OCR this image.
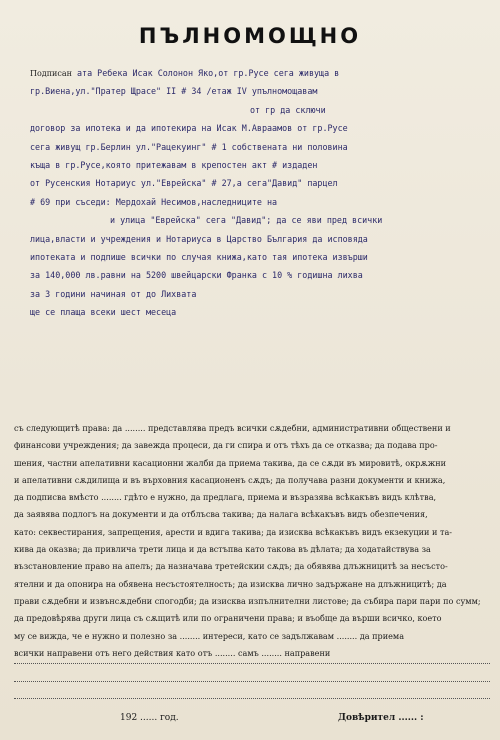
ПЪЛНОМОЩНО
Подписан ата Ребека Исак Солонон Яко,от гр.Русе сега живуща в
гр.Виена,ул."Пратер Щрасе" II # 34 /етаж IV упълномощавам
от гр да сключи
договор за ипотека и да ипотекира на Исак М.Авраамов от гр.Русе
сега живущ гр.Берлин ул."Рацекуинг" # 1 собствената ни половина
къща в гр.Русе,която притежавам в крепостен акт # издаден
от Русенския Нотариус ул."Еврейска" # 27,а сега"Давид" парцел
# 69 при съседи: Мердохай Несимов,наследниците на
и улица "Еврейска" сега "Давид"; да се яви пред всички
лица,власти и учреждения и Нотариуса в Царство България да исповяда
ипотеката и подпише всички по случая книжа,като тая ипотека извърши
за 140,000 лв.равни на 5200 швейцарски Франка с 10 % годишна лихва
за 3 години начиная от до Лихвата
ще се плаща всеки шест месеца
съ следующитѣ права: да ........ представлява предъ всички сѫдебни, административни обществени и
финансови учреждения; да завежда процеси, да ги спира и отъ тѣхъ да се отказва; да подава про-
шения, частни апелативни касационни жалби да приема такива, да се сѫди въ мировитѣ, окрѫжни
и апелативни сѫдилища и въ върховния касационенъ сѫдъ; да получава разни документи и книжа,
да подписва вмѣсто ........ гдѣто е нужно, да предлага, приема и възразява всѣкакъвъ видъ клѣтва,
да заявява подлогъ на документи и да отблъсва такива; да налага всѣкакъвъ видъ обезпечения,
като: секвестирания, запрещения, арести и вдига такива; да изисква всѣкакъвъ видъ екзекуции и та-
кива да оказва; да привлича трети лица и да встъпва като такова въ дѣлата; да ходатайствува за
възстановление право на апелъ; да назначава третейскии сѫдъ; да обявява длъжницитѣ за несъсто-
ятелни и да опонира на обявена несъстоятелность; да изисква лично задържане на длъжницитѣ; да
прави сѫдебни и извънсѫдебни спогодби; да изисква изпълнителни листове; да събира пари пари по сумм;
да предовѣрява други лица съ сѫщитѣ или по ограничени права; и въобще да върши всичко, което
му се вижда, че е нужно и полезно за ........ интереси, като се задължавам ........ да приема
всички направени отъ него действия като отъ ........ самъ ........ направени
192 ...... год.	Довѣрител ...... :
